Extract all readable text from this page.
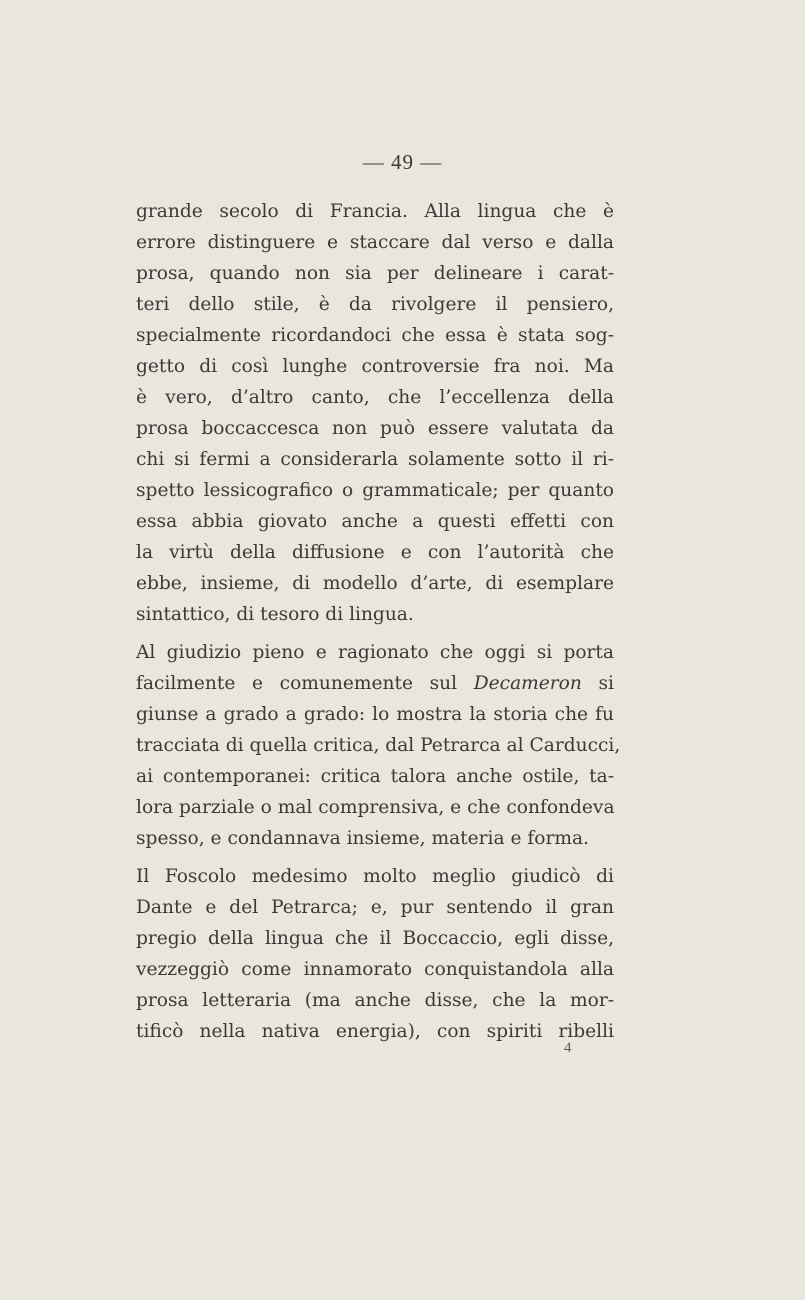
— 49 —
grande secolo di Francia. Alla lingua che è
errore distinguere e staccare dal verso e dalla
prosa, quando non sia per delineare i carat-
teri dello stile, è da rivolgere il pensiero,
specialmente ricordandoci che essa è stata sog-
getto di così lunghe controversie fra noi. Ma
è vero, d’altro canto, che l’eccellenza della
prosa boccaccesca non può essere valutata da
chi si fermi a considerarla solamente sotto il ri-
spetto lessicografico o grammaticale; per quanto
essa abbia giovato anche a questi effetti con
la virtù della diffusione e con l’autorità che
ebbe, insieme, di modello d’arte, di esemplare
sintattico, di tesoro di lingua.
Al giudizio pieno e ragionato che oggi si porta
facilmente e comunemente sul Decameron si
giunse a grado a grado: lo mostra la storia che fu
tracciata di quella critica, dal Petrarca al Carducci,
ai contemporanei: critica talora anche ostile, ta-
lora parziale o mal comprensiva, e che confondeva
spesso, e condannava insieme, materia e forma.
Il Foscolo medesimo molto meglio giudicò di
Dante e del Petrarca; e, pur sentendo il gran
pregio della lingua che il Boccaccio, egli disse,
vezzeggiò come innamorato conquistandola alla
prosa letteraria (ma anche disse, che la mor-
tificò nella nativa energia), con spiriti ribelli
4
